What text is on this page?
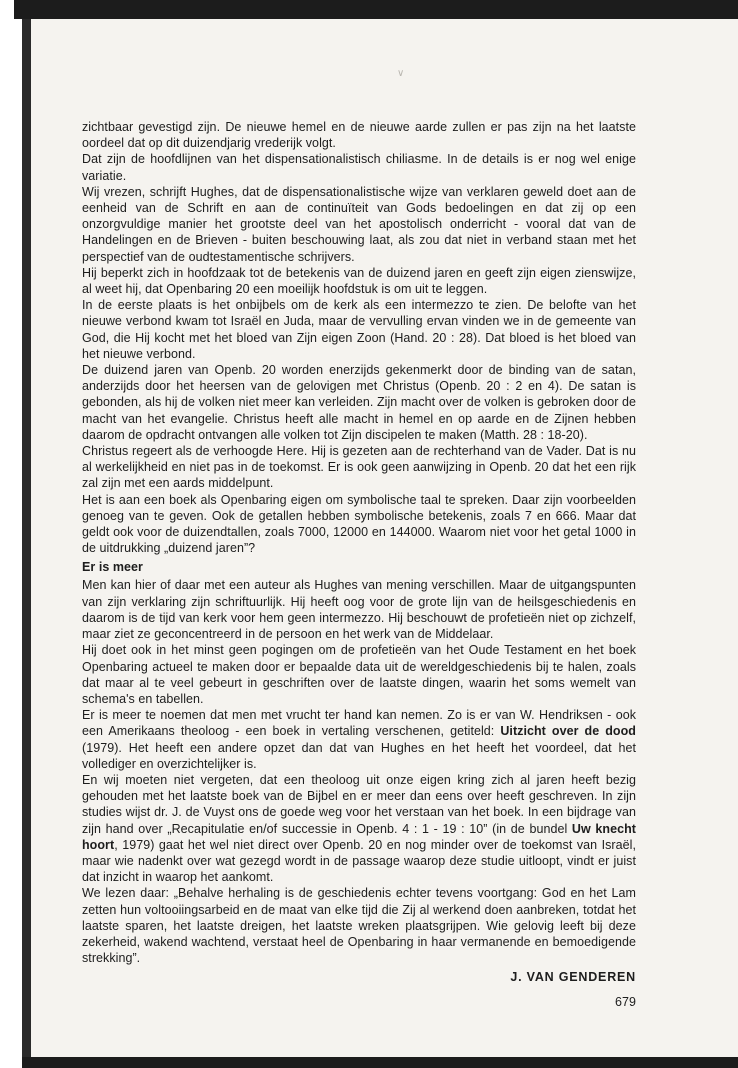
∨

zichtbaar gevestigd zijn. De nieuwe hemel en de nieuwe aarde zullen er pas zijn na het laatste oordeel dat op dit duizendjarig vrederijk volgt.

Dat zijn de hoofdlijnen van het dispensationalistisch chiliasme. In de details is er nog wel enige variatie.

Wij vrezen, schrijft Hughes, dat de dispensationalistische wijze van verklaren geweld doet aan de eenheid van de Schrift en aan de continuïteit van Gods bedoelingen en dat zij op een onzorgvuldige manier het grootste deel van het apostolisch onderricht - vooral dat van de Handelingen en de Brieven - buiten beschouwing laat, als zou dat niet in verband staan met het perspectief van de oudtestamentische schrijvers.

Hij beperkt zich in hoofdzaak tot de betekenis van de duizend jaren en geeft zijn eigen zienswijze, al weet hij, dat Openbaring 20 een moeilijk hoofdstuk is om uit te leggen.

In de eerste plaats is het onbijbels om de kerk als een intermezzo te zien. De belofte van het nieuwe verbond kwam tot Israël en Juda, maar de vervulling ervan vinden we in de gemeente van God, die Hij kocht met het bloed van Zijn eigen Zoon (Hand. 20 : 28). Dat bloed is het bloed van het nieuwe verbond.

De duizend jaren van Openb. 20 worden enerzijds gekenmerkt door de binding van de satan, anderzijds door het heersen van de gelovigen met Christus (Openb. 20 : 2 en 4). De satan is gebonden, als hij de volken niet meer kan verleiden. Zijn macht over de volken is gebroken door de macht van het evangelie. Christus heeft alle macht in hemel en op aarde en de Zijnen hebben daarom de opdracht ontvangen alle volken tot Zijn discipelen te maken (Matth. 28 : 18-20).

Christus regeert als de verhoogde Here. Hij is gezeten aan de rechterhand van de Vader. Dat is nu al werkelijkheid en niet pas in de toekomst. Er is ook geen aanwijzing in Openb. 20 dat het een rijk zal zijn met een aards middelpunt.

Het is aan een boek als Openbaring eigen om symbolische taal te spreken. Daar zijn voorbeelden genoeg van te geven. Ook de getallen hebben symbolische betekenis, zoals 7 en 666. Maar dat geldt ook voor de duizendtallen, zoals 7000, 12000 en 144000. Waarom niet voor het getal 1000 in de uitdrukking „duizend jaren”?

Er is meer

Men kan hier of daar met een auteur als Hughes van mening verschillen. Maar de uitgangspunten van zijn verklaring zijn schriftuurlijk. Hij heeft oog voor de grote lijn van de heilsgeschiedenis en daarom is de tijd van kerk voor hem geen intermezzo. Hij beschouwt de profetieën niet op zichzelf, maar ziet ze geconcentreerd in de persoon en het werk van de Middelaar.

Hij doet ook in het minst geen pogingen om de profetieën van het Oude Testament en het boek Openbaring actueel te maken door er bepaalde data uit de wereldgeschiedenis bij te halen, zoals dat maar al te veel gebeurt in geschriften over de laatste dingen, waarin het soms wemelt van schema's en tabellen.

Er is meer te noemen dat men met vrucht ter hand kan nemen. Zo is er van W. Hendriksen - ook een Amerikaans theoloog - een boek in vertaling verschenen, getiteld: Uitzicht over de dood (1979). Het heeft een andere opzet dan dat van Hughes en het heeft het voordeel, dat het vollediger en overzichtelijker is.

En wij moeten niet vergeten, dat een theoloog uit onze eigen kring zich al jaren heeft bezig gehouden met het laatste boek van de Bijbel en er meer dan eens over heeft geschreven. In zijn studies wijst dr. J. de Vuyst ons de goede weg voor het verstaan van het boek. In een bijdrage van zijn hand over „Recapitulatie en/of successie in Openb. 4 : 1 - 19 : 10” (in de bundel Uw knecht hoort, 1979) gaat het wel niet direct over Openb. 20 en nog minder over de toekomst van Israël, maar wie nadenkt over wat gezegd wordt in de passage waarop deze studie uitloopt, vindt er juist dat inzicht in waarop het aankomt.

We lezen daar: „Behalve herhaling is de geschiedenis echter tevens voortgang: God en het Lam zetten hun voltooiingsarbeid en de maat van elke tijd die Zij al werkend doen aanbreken, totdat het laatste sparen, het laatste dreigen, het laatste wreken plaatsgrijpen. Wie gelovig leeft bij deze zekerheid, wakend wachtend, verstaat heel de Openbaring in haar vermanende en bemoedigende strekking”.

J. VAN GENDEREN
679
